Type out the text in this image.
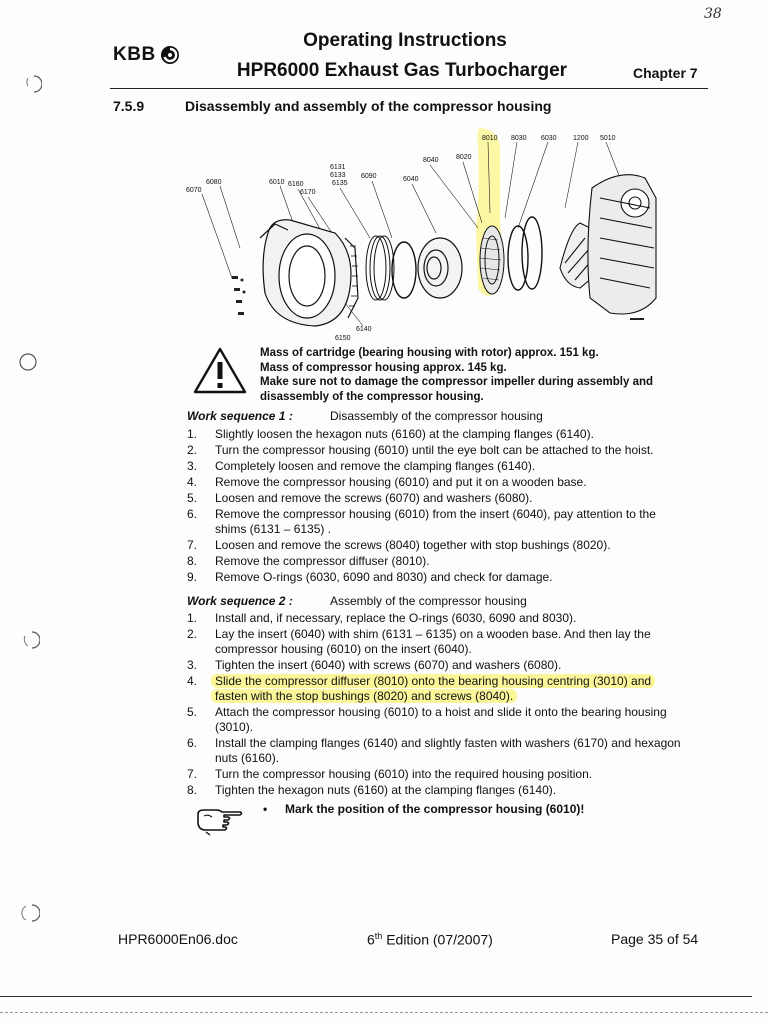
38
KBB
Operating Instructions
HPR6000 Exhaust Gas Turbocharger	Chapter 7
7.5.9	Disassembly and assembly of the compressor housing
8010 8030 6030 1200 5010
8040 8020
6080
6070
6010 6160
6170
6131
6133
6135
6090	6040
6140
6150
Mass of cartridge (bearing housing with rotor) approx. 151 kg.
Mass of compressor housing approx. 145 kg.
Make sure not to damage the compressor impeller during assembly and disassembly of the compressor housing.
Work sequence 1 :	Disassembly of the compressor housing
1.	Slightly loosen the hexagon nuts (6160) at the clamping flanges (6140).
2.	Turn the compressor housing (6010) until the eye bolt can be attached to the hoist.
3.	Completely loosen and remove the clamping flanges (6140).
4.	Remove the compressor housing (6010) and put it on a wooden base.
5.	Loosen and remove the screws (6070) and washers (6080).
6.	Remove the compressor housing (6010) from the insert (6040), pay attention to the shims (6131 – 6135) .
7.	Loosen and remove the screws (8040) together with stop bushings (8020).
8.	Remove the compressor diffuser (8010).
9.	Remove O-rings (6030, 6090 and 8030) and check for damage.
Work sequence 2 :	Assembly of the compressor housing
1.	Install and, if necessary, replace the O-rings (6030, 6090 and 8030).
2.	Lay the insert (6040) with shim (6131 – 6135) on a wooden base. And then lay the compressor housing (6010) on the insert (6040).
3.	Tighten the insert (6040) with screws (6070) and washers (6080).
4.	Slide the compressor diffuser (8010) onto the bearing housing centring (3010) and fasten with the stop bushings (8020) and screws (8040).
5.	Attach the compressor housing (6010) to a hoist and slide it onto the bearing housing (3010).
6.	Install the clamping flanges (6140) and slightly fasten with washers (6170) and hexagon nuts (6160).
7.	Turn the compressor housing (6010) into the required housing position.
8.	Tighten the hexagon nuts (6160) at the clamping flanges (6140).
• Mark the position of the compressor housing (6010)!
HPR6000En06.doc	6th Edition (07/2007)	Page 35 of 54
